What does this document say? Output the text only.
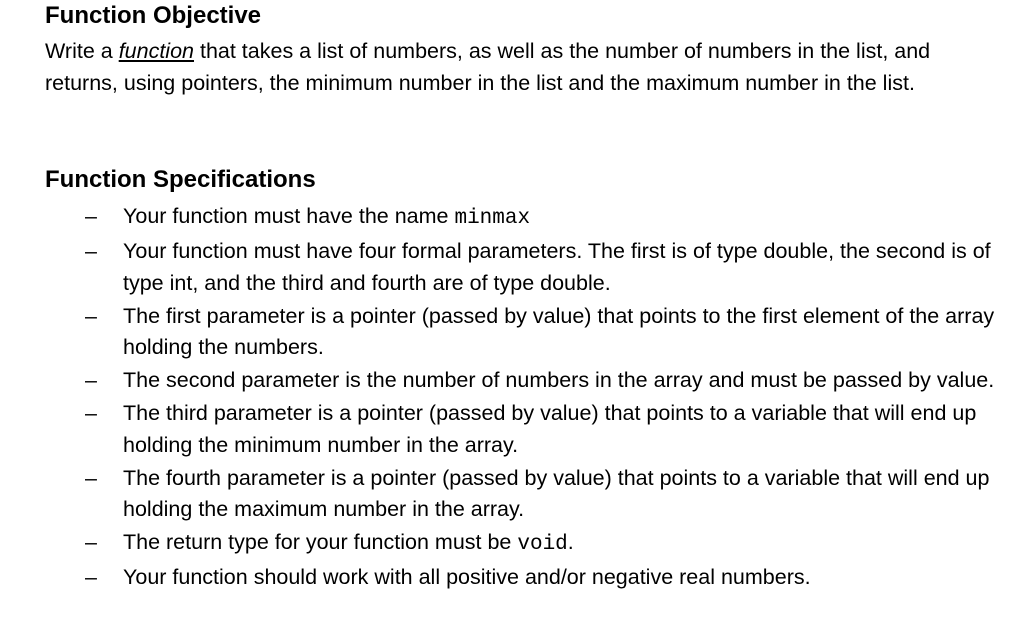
Function Objective

Write a function that takes a list of numbers, as well as the number of numbers in the list, and returns, using pointers, the minimum number in the list and the maximum number in the list.

Function Specifications
– Your function must have the name minmax
– Your function must have four formal parameters. The first is of type double, the second is of type int, and the third and fourth are of type double.
– The first parameter is a pointer (passed by value) that points to the first element of the array holding the numbers.
– The second parameter is the number of numbers in the array and must be passed by value.
– The third parameter is a pointer (passed by value) that points to a variable that will end up holding the minimum number in the array.
– The fourth parameter is a pointer (passed by value) that points to a variable that will end up holding the maximum number in the array.
– The return type for your function must be void.
– Your function should work with all positive and/or negative real numbers.
